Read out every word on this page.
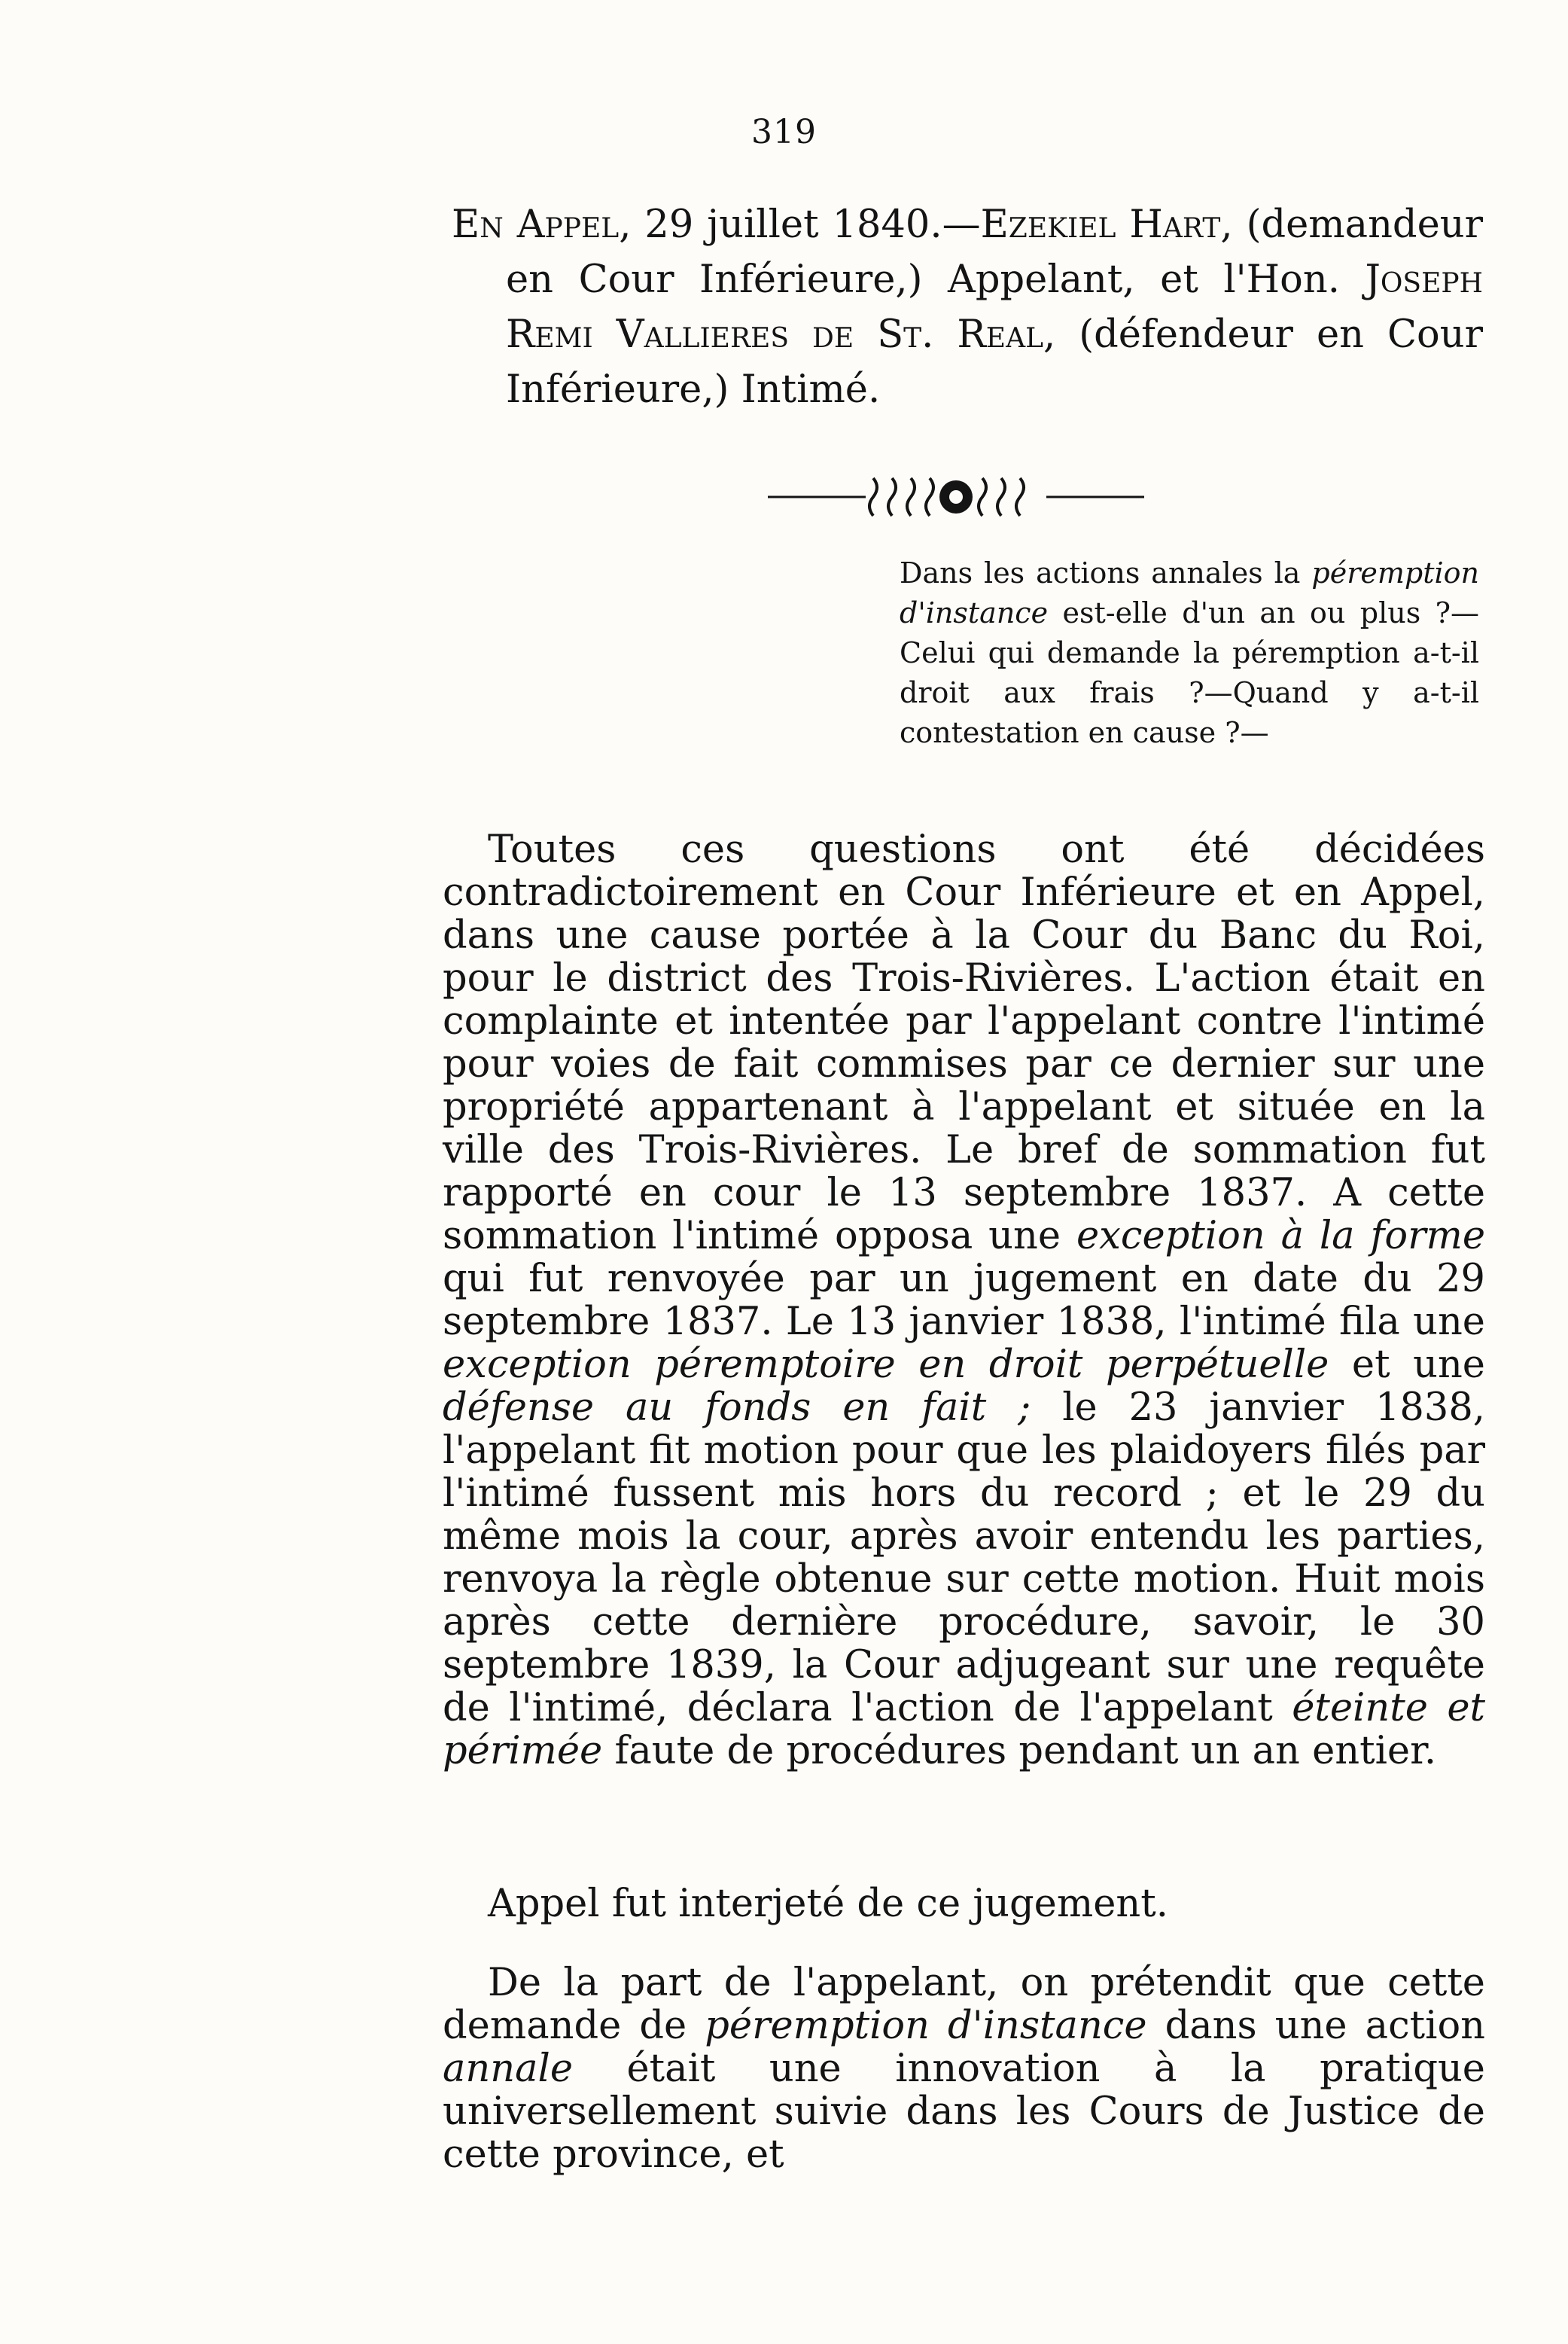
319

En Appel, 29 juillet 1840.—Ezekiel Hart, (demandeur en Cour Inférieure,) Appelant, et l'Hon. Joseph Remi Vallieres de St. Real, (défendeur en Cour Inférieure,) Intimé.

Dans les actions annales la péremption d'instance est-elle d'un an ou plus ?—Celui qui demande la péremption a-t-il droit aux frais ?—Quand y a-t-il contestation en cause ?—

Toutes ces questions ont été décidées contradictoirement en Cour Inférieure et en Appel, dans une cause portée à la Cour du Banc du Roi, pour le district des Trois-Rivières. L'action était en complainte et intentée par l'appelant contre l'intimé pour voies de fait commises par ce dernier sur une propriété appartenant à l'appelant et située en la ville des Trois-Rivières. Le bref de sommation fut rapporté en cour le 13 septembre 1837. A cette sommation l'intimé opposa une exception à la forme qui fut renvoyée par un jugement en date du 29 septembre 1837. Le 13 janvier 1838, l'intimé fila une exception péremptoire en droit perpétuelle et une défense au fonds en fait ; le 23 janvier 1838, l'appelant fit motion pour que les plaidoyers filés par l'intimé fussent mis hors du record ; et le 29 du même mois la cour, après avoir entendu les parties, renvoya la règle obtenue sur cette motion. Huit mois après cette dernière procédure, savoir, le 30 septembre 1839, la Cour adjugeant sur une requête de l'intimé, déclara l'action de l'appelant éteinte et périmée faute de procédures pendant un an entier.

Appel fut interjeté de ce jugement.

De la part de l'appelant, on prétendit que cette demande de péremption d'instance dans une action annale était une innovation à la pratique universellement suivie dans les Cours de Justice de cette province, et
